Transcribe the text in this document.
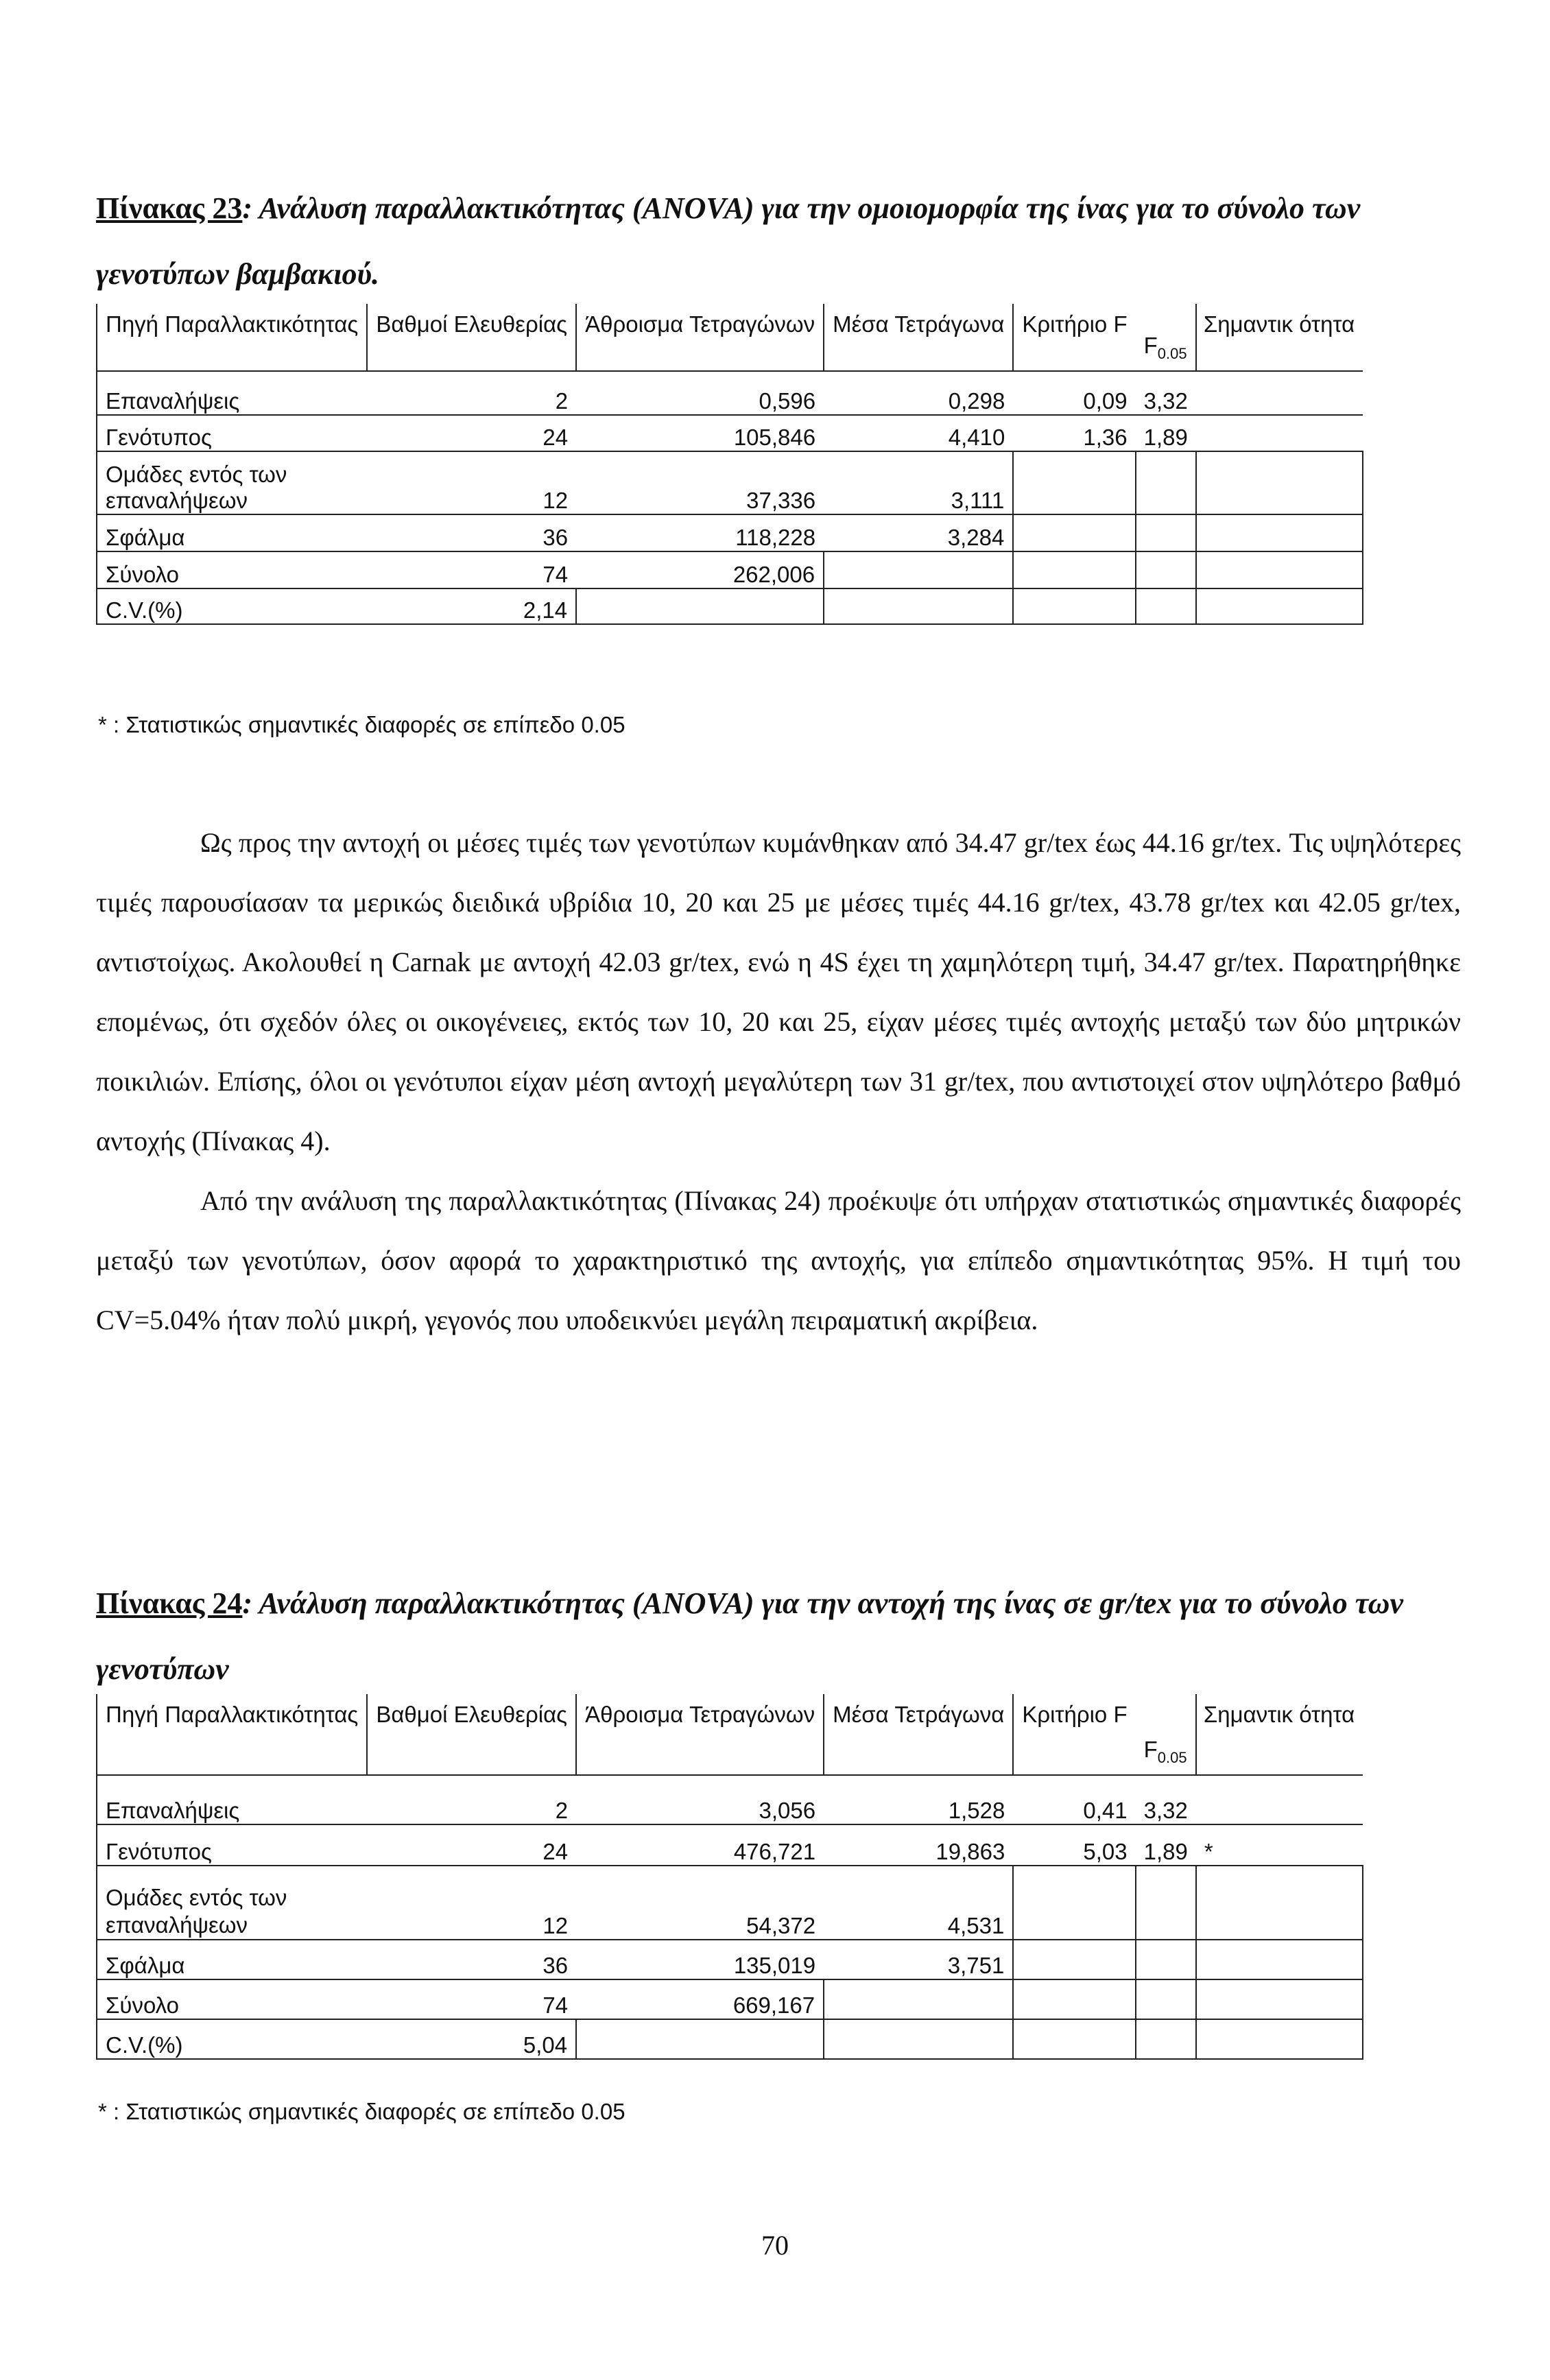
Πίνακας 23: Ανάλυση παραλλακτικότητας (ANOVA) για την ομοιομορφία της ίνας για το σύνολο των γενοτύπων βαμβακιού.
Πηγή Παραλλακτικότητας	Βαθμοί Ελευθερίας	Άθροισμα Τετραγώνων	Μέσα Τετράγωνα	Κριτήριο F	$F_{0.05}$	Σημαντικ ότητα
Επαναλήψεις	2	0,596	0,298	0,09	3,32	
Γενότυπος	24	105,846	4,410	1,36	1,89	
Ομάδες εντός των επαναλήψεων	12	37,336	3,111			
Σφάλμα	36	118,228	3,284			
Σύνολο	74	262,006				
C.V.(%)	2,14					
* : Στατιστικώς σημαντικές διαφορές σε επίπεδο 0.05

Ως προς την αντοχή οι μέσες τιμές των γενοτύπων κυμάνθηκαν από 34.47 gr/tex έως 44.16 gr/tex. Τις υψηλότερες τιμές παρουσίασαν τα μερικώς διειδικά υβρίδια 10, 20 και 25 με μέσες τιμές 44.16 gr/tex, 43.78 gr/tex και 42.05 gr/tex, αντιστοίχως. Ακολουθεί η Carnak με αντοχή 42.03 gr/tex, ενώ η 4S έχει τη χαμηλότερη τιμή, 34.47 gr/tex. Παρατηρήθηκε επομένως, ότι σχεδόν όλες οι οικογένειες, εκτός των 10, 20 και 25, είχαν μέσες τιμές αντοχής μεταξύ των δύο μητρικών ποικιλιών. Επίσης, όλοι οι γενότυποι είχαν μέση αντοχή μεγαλύτερη των 31 gr/tex, που αντιστοιχεί στον υψηλότερο βαθμό αντοχής (Πίνακας 4).

Από την ανάλυση της παραλλακτικότητας (Πίνακας 24) προέκυψε ότι υπήρχαν στατιστικώς σημαντικές διαφορές μεταξύ των γενοτύπων, όσον αφορά το χαρακτηριστικό της αντοχής, για επίπεδο σημαντικότητας 95%. Η τιμή του CV=5.04% ήταν πολύ μικρή, γεγονός που υποδεικνύει μεγάλη πειραματική ακρίβεια.

Πίνακας 24: Ανάλυση παραλλακτικότητας (ANOVA) για την αντοχή της ίνας σε gr/tex για το σύνολο των γενοτύπων
Πηγή Παραλλακτικότητας	Βαθμοί Ελευθερίας	Άθροισμα Τετραγώνων	Μέσα Τετράγωνα	Κριτήριο F	$F_{0.05}$	Σημαντικ ότητα
Επαναλήψεις	2	3,056	1,528	0,41	3,32	
Γενότυπος	24	476,721	19,863	5,03	1,89	*
Ομάδες εντός των επαναλήψεων	12	54,372	4,531			
Σφάλμα	36	135,019	3,751			
Σύνολο	74	669,167				
C.V.(%)	5,04					
* : Στατιστικώς σημαντικές διαφορές σε επίπεδο 0.05
70
